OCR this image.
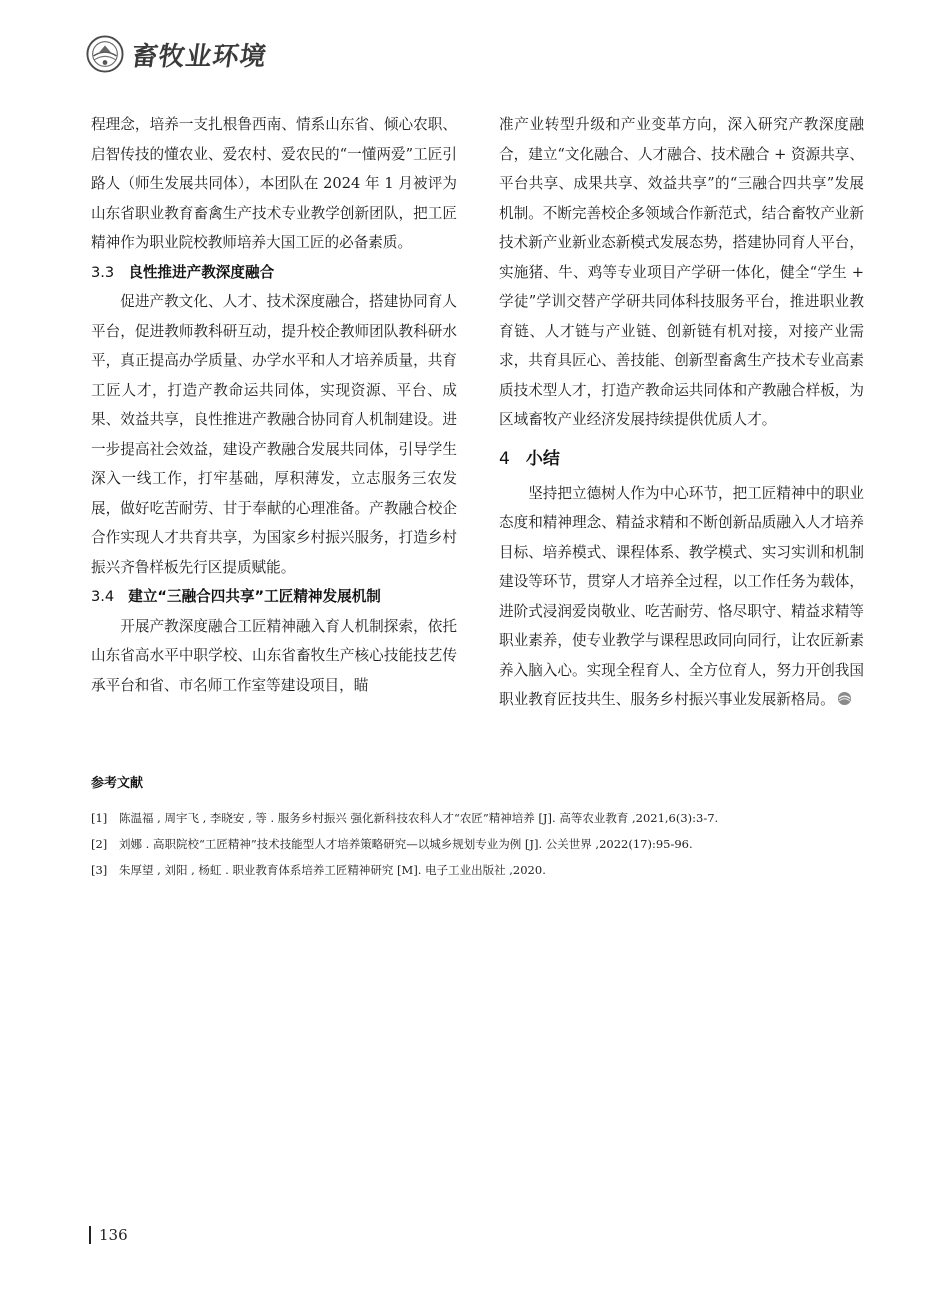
畜牧业环境

程理念，培养一支扎根鲁西南、情系山东省、倾心农职、启智传技的懂农业、爱农村、爱农民的“一懂两爱”工匠引路人（师生发展共同体），本团队在 2024 年 1 月被评为山东省职业教育畜禽生产技术专业教学创新团队，把工匠精神作为职业院校教师培养大国工匠的必备素质。

3.3 良性推进产教深度融合

促进产教文化、人才、技术深度融合，搭建协同育人平台，促进教师教科研互动，提升校企教师团队教科研水平，真正提高办学质量、办学水平和人才培养质量，共育工匠人才，打造产教命运共同体，实现资源、平台、成果、效益共享，良性推进产教融合协同育人机制建设。进一步提高社会效益，建设产教融合发展共同体，引导学生深入一线工作，打牢基础，厚积薄发，立志服务三农发展，做好吃苦耐劳、甘于奉献的心理准备。产教融合校企合作实现人才共育共享，为国家乡村振兴服务，打造乡村振兴齐鲁样板先行区提质赋能。

3.4 建立“三融合四共享”工匠精神发展机制

开展产教深度融合工匠精神融入育人机制探索，依托山东省高水平中职学校、山东省畜牧生产核心技能技艺传承平台和省、市名师工作室等建设项目，瞄

准产业转型升级和产业变革方向，深入研究产教深度融合，建立“文化融合、人才融合、技术融合 + 资源共享、平台共享、成果共享、效益共享”的“三融合四共享”发展机制。不断完善校企多领域合作新范式，结合畜牧产业新技术新产业新业态新模式发展态势，搭建协同育人平台，实施猪、牛、鸡等专业项目产学研一体化，健全“学生 + 学徒”学训交替产学研共同体科技服务平台，推进职业教育链、人才链与产业链、创新链有机对接，对接产业需求，共育具匠心、善技能、创新型畜禽生产技术专业高素质技术型人才，打造产教命运共同体和产教融合样板，为区域畜牧产业经济发展持续提供优质人才。

4 小结

坚持把立德树人作为中心环节，把工匠精神中的职业态度和精神理念、精益求精和不断创新品质融入人才培养目标、培养模式、课程体系、教学模式、实习实训和机制建设等环节，贯穿人才培养全过程，以工作任务为载体，进阶式浸润爱岗敬业、吃苦耐劳、恪尽职守、精益求精等职业素养，使专业教学与课程思政同向同行，让农匠新素养入脑入心。实现全程育人、全方位育人，努力开创我国职业教育匠技共生、服务乡村振兴事业发展新格局。

参考文献
[1]	陈温福 , 周宇飞 , 李晓安 , 等 . 服务乡村振兴 强化新科技农科人才“农匠”精神培养 [J]. 高等农业教育 ,2021,6(3):3-7.
[2]	刘娜 . 高职院校“工匠精神”技术技能型人才培养策略研究—以城乡规划专业为例 [J]. 公关世界 ,2022(17):95-96.
[3]	朱厚望 , 刘阳 , 杨虹 . 职业教育体系培养工匠精神研究 [M]. 电子工业出版社 ,2020.
136
